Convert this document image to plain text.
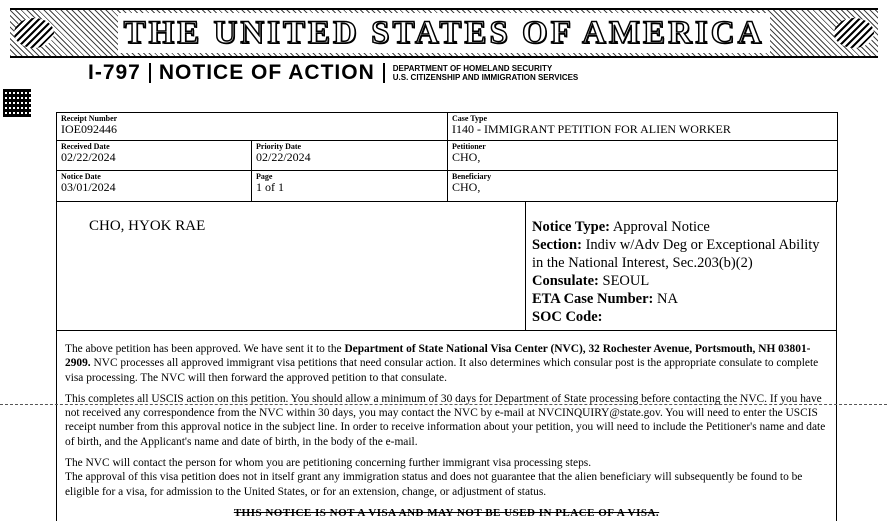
THE UNITED STATES OF AMERICA
I-797 NOTICE OF ACTION DEPARTMENT OF HOMELAND SECURITY
U.S. CITIZENSHIP AND IMMIGRATION SERVICES
Receipt Number
IOE092446
Case Type
I140 - IMMIGRANT PETITION FOR ALIEN WORKER
Received Date
02/22/2024
Priority Date
02/22/2024
Petitioner
CHO,
Notice Date
03/01/2024
Page
1 of 1
Beneficiary
CHO,
CHO, HYOK RAE	Notice Type: Approval Notice
Section: Indiv w/Adv Deg or Exceptional Ability in the National Interest, Sec.203(b)(2)
Consulate: SEOUL
ETA Case Number: NA
SOC Code:

The above petition has been approved. We have sent it to the Department of State National Visa Center (NVC), 32 Rochester Avenue, Portsmouth, NH 03801-2909. NVC processes all approved immigrant visa petitions that need consular action. It also determines which consular post is the appropriate consulate to complete visa processing. The NVC will then forward the approved petition to that consulate.

This completes all USCIS action on this petition. You should allow a minimum of 30 days for Department of State processing before contacting the NVC. If you have not received any correspondence from the NVC within 30 days, you may contact the NVC by e-mail at NVCINQUIRY@state.gov. You will need to enter the USCIS receipt number from this approval notice in the subject line. In order to receive information about your petition, you will need to include the Petitioner's name and date of birth, and the Applicant's name and date of birth, in the body of the e-mail.

The NVC will contact the person for whom you are petitioning concerning further immigrant visa processing steps.

The approval of this visa petition does not in itself grant any immigration status and does not guarantee that the alien beneficiary will subsequently be found to be eligible for a visa, for admission to the United States, or for an extension, change, or adjustment of status.

THIS NOTICE IS NOT A VISA AND MAY NOT BE USED IN PLACE OF A VISA.
